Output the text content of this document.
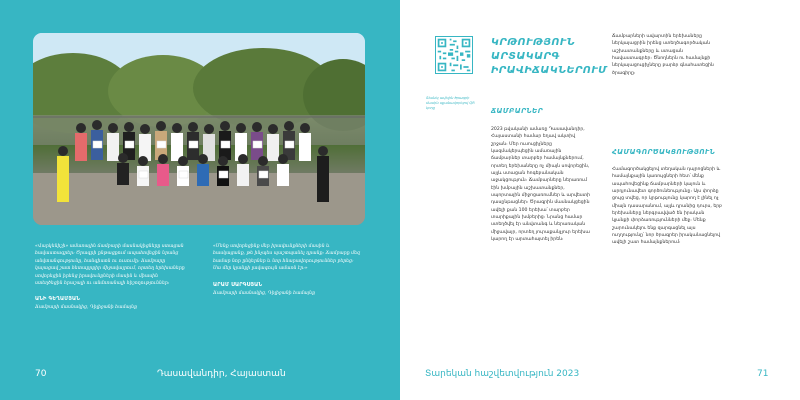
«Վարկենիշի» ամառային ճամբարի մասնակիցները ստացան հավաստագրեր։ Ծրագրի ընթացքում ապահովեցին նրանց անվտանգությունը, հանգիստն ու ուսումը։ Ճամբարը կայացավ շատ հետաքրքիր միջավայրում, որտեղ երեխաները սովորեցին իրենց իրավունքների մասին և միասին ստեղծեցին հրաշալի ու անմոռանալի հիշողություններ։

ԱՆԻ ԳԵՂԱՄՅԱՆ

Ճամբարի մասնակից, Դիլիջանի համայնք

«Մենք սովորեցինք մեր իրավունքների մասին և հասկացանք, թե ինչպես պաշտպանել դրանք։ Ճամբարը մեզ համար նոր ընկերներ և նոր հնարավորություններ բերեց։ Սա մեր կյանքի լավագույն ամառն էր։»

ԱՐԱՄ ՍԱՐԳՍՅԱՆ

Ճամբարի մասնակից, Դիլիջանի համայնք

70	Դասավանդիր, Հայաստան
Տեսնել ավելին ծրագրի մասին սքանավորելով QR կոդը
ԿՐԹՈՒԹՅՈՒՆ
ԱՐՏԱԿԱՐԳ
ԻՐԱՎԻՃԱԿՆԵՐՈՒՄ
ՃԱՄԲԱՐՆԵՐ

2023 թվականի ամառը Դասավանդիր, Հայաստանի համար եղավ ակտիվ շրջան։ Մեր ուսուցիչները կազմակերպեցին ամառային ճամբարներ տարբեր համայնքներում, որտեղ երեխաները ոչ միայն սովորեցին, այլև ստացան հոգեբանական աջակցություն։ Ճամբարները ներառում էին խմբային աշխատանքներ, սպորտային միջոցառումներ և արվեստի դասընթացներ։ Ծրագրին մասնակցեցին ավելի քան 100 երեխա՝ տարբեր տարիքային խմբերից։ Նրանց համար ստեղծվել էր անվտանգ և ներառական միջավայր, որտեղ յուրաքանչյուր երեխա կարող էր արտահայտել իրեն։

Ճամբարների ավարտին երեխաները ներկայացրին իրենց ստեղծագործական աշխատանքները և ստացան հավաստագրեր։ Ծնողներն ու համայնքի ներկայացուցիչները բարձր գնահատեցին ծրագիրը։

ՀԱՄԱԳՈՐԾԱԿՑՈՒԹՅՈՒՆ

Համագործակցելով տեղական դպրոցների և համայնքային կառույցների հետ՝ մենք ապահովեցինք ճամբարների կայուն և արդյունավետ գործունեությունը։ Այս փորձը ցույց տվեց, որ կրթությունը կարող է լինել ոչ միայն դասարանում, այլև դրանից դուրս, երբ երեխաները ներգրավված են իրական կյանքի փորձառությունների մեջ։ Մենք շարունակելու ենք զարգացնել այս ուղղությունը՝ նոր ծրագրեր իրականացնելով ավելի շատ համայնքներում։

Տարեկան հաշվետվություն 2023	71
